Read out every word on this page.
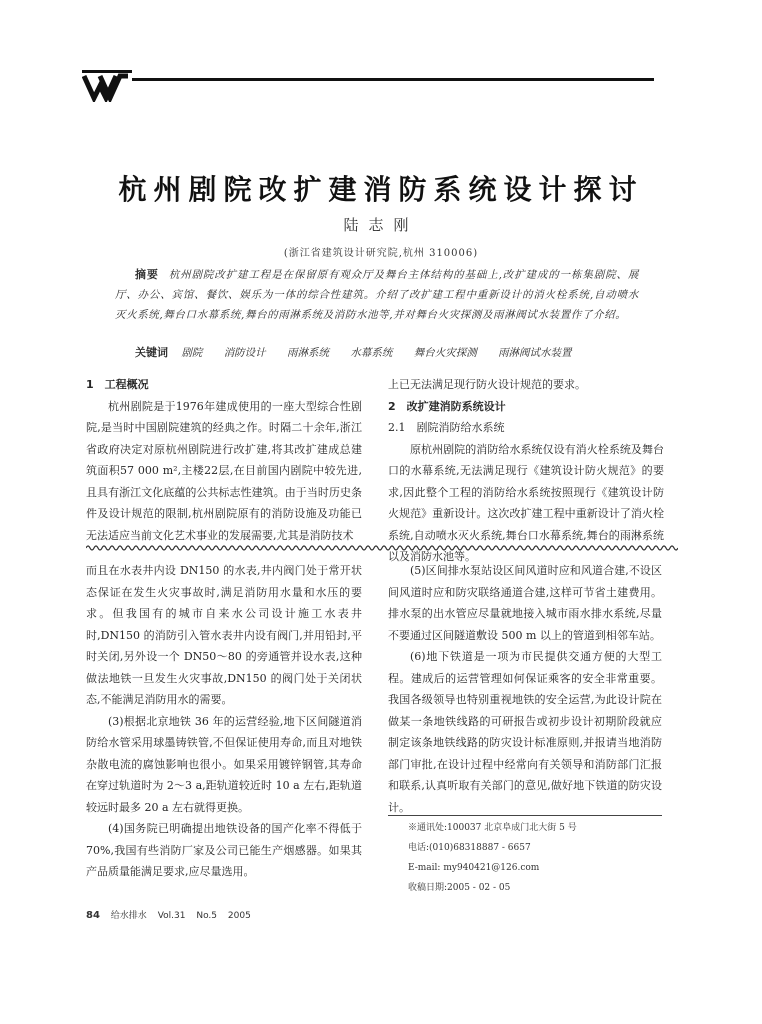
杭州剧院改扩建消防系统设计探讨
陆志刚
(浙江省建筑设计研究院,杭州 310006)
摘要 杭州剧院改扩建工程是在保留原有观众厅及舞台主体结构的基础上,改扩建成的一栋集剧院、展厅、办公、宾馆、餐饮、娱乐为一体的综合性建筑。介绍了改扩建工程中重新设计的消火栓系统,自动喷水灭火系统,舞台口水幕系统,舞台的雨淋系统及消防水池等,并对舞台火灾探测及雨淋阀试水装置作了介绍。
关键词 剧院 消防设计 雨淋系统 水幕系统 舞台火灾探测 雨淋阀试水装置
1　工程概况

杭州剧院是于1976年建成使用的一座大型综合性剧院,是当时中国剧院建筑的经典之作。时隔二十余年,浙江省政府决定对原杭州剧院进行改扩建,将其改扩建成总建筑面积57 000 m²,主楼22层,在目前国内剧院中较先进,且具有浙江文化底蕴的公共标志性建筑。由于当时历史条件及设计规范的限制,杭州剧院原有的消防设施及功能已无法适应当前文化艺术事业的发展需要,尤其是消防技术

上已无法满足现行防火设计规范的要求。

2　改扩建消防系统设计
2.1　剧院消防给水系统

原杭州剧院的消防给水系统仅设有消火栓系统及舞台口的水幕系统,无法满足现行《建筑设计防火规范》的要求,因此整个工程的消防给水系统按照现行《建筑设计防火规范》重新设计。这次改扩建工程中重新设计了消火栓系统,自动喷水灭火系统,舞台口水幕系统,舞台的雨淋系统以及消防水池等。

而且在水表井内设 DN150 的水表,井内阀门处于常开状态保证在发生火灾事故时,满足消防用水量和水压的要求。但我国有的城市自来水公司设计施工水表井时,DN150 的消防引入管水表井内设有阀门,并用铅封,平时关闭,另外设一个 DN50～80 的旁通管并设水表,这种做法地铁一旦发生火灾事故,DN150 的阀门处于关闭状态,不能满足消防用水的需要。

(3)根据北京地铁 36 年的运营经验,地下区间隧道消防给水管采用球墨铸铁管,不但保证使用寿命,而且对地铁杂散电流的腐蚀影响也很小。如果采用镀锌钢管,其寿命在穿过轨道时为 2～3 a,距轨道较近时 10 a 左右,距轨道较远时最多 20 a 左右就得更换。

(4)国务院已明确提出地铁设备的国产化率不得低于 70%,我国有些消防厂家及公司已能生产烟感器。如果其产品质量能满足要求,应尽量选用。

(5)区间排水泵站设区间风道时应和风道合建,不设区间风道时应和防灾联络通道合建,这样可节省土建费用。排水泵的出水管应尽量就地接入城市雨水排水系统,尽量不要通过区间隧道敷设 500 m 以上的管道到相邻车站。

(6)地下铁道是一项为市民提供交通方便的大型工程。建成后的运营管理如何保证乘客的安全非常重要。我国各级领导也特别重视地铁的安全运营,为此设计院在做某一条地铁线路的可研报告或初步设计初期阶段就应制定该条地铁线路的防灾设计标准原则,并报请当地消防部门审批,在设计过程中经常向有关领导和消防部门汇报和联系,认真听取有关部门的意见,做好地下铁道的防灾设计。

※通讯处:100037 北京阜成门北大街 5 号
电话:(010)68318887 - 6657
E-mail: my940421@126.com
收稿日期:2005 - 02 - 05
84 给水排水 Vol.31 No.5 2005
